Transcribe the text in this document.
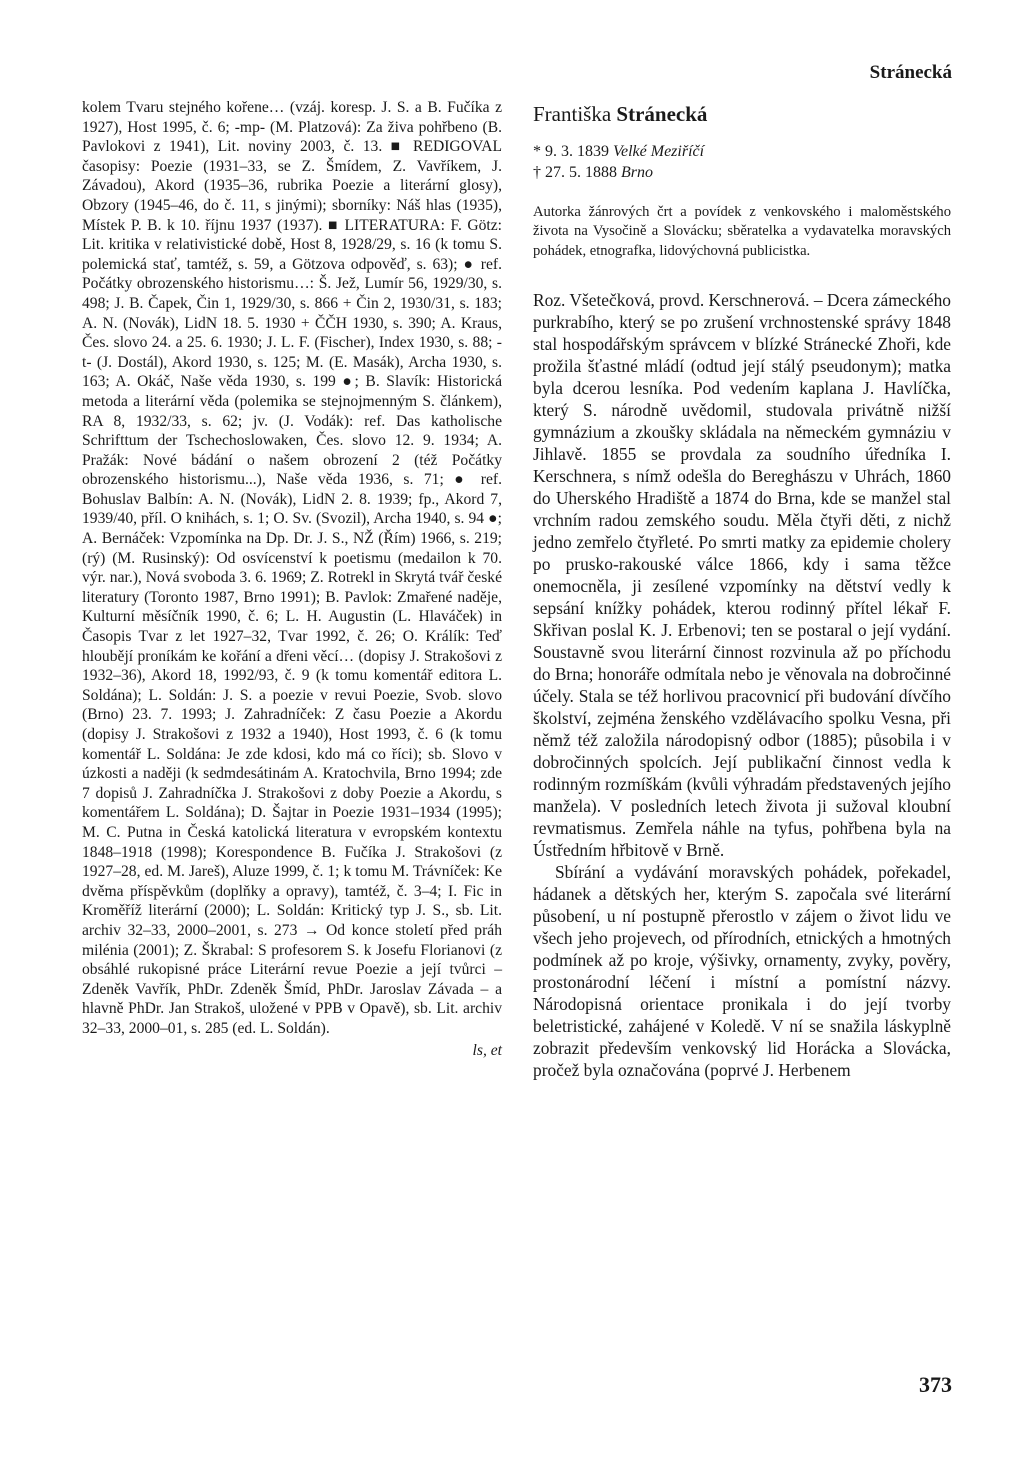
Stránecká

kolem Tvaru stejného kořene… (vzáj. koresp. J. S. a B. Fučíka z 1927), Host 1995, č. 6; -mp- (M. Platzová): Za živa pohřbeno (B. Pavlokovi z 1941), Lit. noviny 2003, č. 13. ■ REDIGOVAL časopisy: Poezie (1931–33, se Z. Šmídem, Z. Vavříkem, J. Závadou), Akord (1935–36, rubrika Poezie a literární glosy), Obzory (1945–46, do č. 11, s jinými); sborníky: Náš hlas (1935), Místek P. B. k 10. říjnu 1937 (1937). ■ LITERATURA: F. Götz: Lit. kritika v relativistické době, Host 8, 1928/29, s. 16 (k tomu S. polemická stať, tamtéž, s. 59, a Götzova odpověď, s. 63); ● ref. Počátky obrozenského historismu…: Š. Jež, Lumír 56, 1929/30, s. 498; J. B. Čapek, Čin 1, 1929/30, s. 866 + Čin 2, 1930/31, s. 183; A. N. (Novák), LidN 18. 5. 1930 + ČČH 1930, s. 390; A. Kraus, Čes. slovo 24. a 25. 6. 1930; J. L. F. (Fischer), Index 1930, s. 88; -t- (J. Dostál), Akord 1930, s. 125; M. (E. Masák), Archa 1930, s. 163; A. Okáč, Naše věda 1930, s. 199 ●; B. Slavík: Historická metoda a literární věda (polemika se stejnojmenným S. článkem), RA 8, 1932/33, s. 62; jv. (J. Vodák): ref. Das katholische Schrifttum der Tschechoslowaken, Čes. slovo 12. 9. 1934; A. Pražák: Nové bádání o našem obrození 2 (též Počátky obrozenského historismu...), Naše věda 1936, s. 71; ● ref. Bohuslav Balbín: A. N. (Novák), LidN 2. 8. 1939; fp., Akord 7, 1939/40, příl. O knihách, s. 1; O. Sv. (Svozil), Archa 1940, s. 94 ●; A. Bernáček: Vzpomínka na Dp. Dr. J. S., NŽ (Řím) 1966, s. 219; (rý) (M. Rusinský): Od osvícenství k poetismu (medailon k 70. výr. nar.), Nová svoboda 3. 6. 1969; Z. Rotrekl in Skrytá tvář české literatury (Toronto 1987, Brno 1991); B. Pavlok: Zmařené naděje, Kulturní měsíčník 1990, č. 6; L. H. Augustin (L. Hlaváček) in Časopis Tvar z let 1927–32, Tvar 1992, č. 26; O. Králík: Teď hloubějí proníkám ke kořání a dřeni věcí… (dopisy J. Strakošovi z 1932–36), Akord 18, 1992/93, č. 9 (k tomu komentář editora L. Soldána); L. Soldán: J. S. a poezie v revui Poezie, Svob. slovo (Brno) 23. 7. 1993; J. Zahradníček: Z času Poezie a Akordu (dopisy J. Strakošovi z 1932 a 1940), Host 1993, č. 6 (k tomu komentář L. Soldána: Je zde kdosi, kdo má co říci); sb. Slovo v úzkosti a naději (k sedmdesátinám A. Kratochvila, Brno 1994; zde 7 dopisů J. Zahradníčka J. Strakošovi z doby Poezie a Akordu, s komentářem L. Soldána); D. Šajtar in Poezie 1931–1934 (1995); M. C. Putna in Česká katolická literatura v evropském kontextu 1848–1918 (1998); Korespondence B. Fučíka J. Strakošovi (z 1927–28, ed. M. Jareš), Aluze 1999, č. 1; k tomu M. Trávníček: Ke dvěma příspěvkům (doplňky a opravy), tamtéž, č. 3–4; I. Fic in Kroměříž literární (2000); L. Soldán: Kritický typ J. S., sb. Lit. archiv 32–33, 2000–2001, s. 273 → Od konce století před práh milénia (2001); Z. Škrabal: S profesorem S. k Josefu Florianovi (z obsáhlé rukopisné práce Literární revue Poezie a její tvůrci – Zdeněk Vavřík, PhDr. Zdeněk Šmíd, PhDr. Jaroslav Závada – a hlavně PhDr. Jan Strakoš, uložené v PPB v Opavě), sb. Lit. archiv 32–33, 2000–01, s. 285 (ed. L. Soldán).

ls, et
Františka Stránecká
* 9. 3. 1839 Velké Meziříčí
† 27. 5. 1888 Brno

Autorka žánrových črt a povídek z venkovského i maloměstského života na Vysočině a Slovácku; sběratelka a vydavatelka moravských pohádek, etnografka, lidovýchovná publicistka.

Roz. Všetečková, provd. Kerschnerová. – Dcera zámeckého purkrabího, který se po zrušení vrchnostenské správy 1848 stal hospodářským správcem v blízké Stránecké Zhoři, kde prožila šťastné mládí (odtud její stálý pseudonym); matka byla dcerou lesníka. Pod vedením kaplana J. Havlíčka, který S. národně uvědomil, studovala privátně nižší gymnázium a zkoušky skládala na německém gymnáziu v Jihlavě. 1855 se provdala za soudního úředníka I. Kerschnera, s nímž odešla do Bereghászu v Uhrách, 1860 do Uherského Hradiště a 1874 do Brna, kde se manžel stal vrchním radou zemského soudu. Měla čtyři děti, z nichž jedno zemřelo čtyřleté. Po smrti matky za epidemie cholery po prusko-rakouské válce 1866, kdy i sama těžce onemocněla, ji zesílené vzpomínky na dětství vedly k sepsání knížky pohádek, kterou rodinný přítel lékař F. Skřivan poslal K. J. Erbenovi; ten se postaral o její vydání. Soustavně svou literární činnost rozvinula až po příchodu do Brna; honoráře odmítala nebo je věnovala na dobročinné účely. Stala se též horlivou pracovnicí při budování dívčího školství, zejména ženského vzdělávacího spolku Vesna, při němž též založila národopisný odbor (1885); působila i v dobročinných spolcích. Její publikační činnost vedla k rodinným rozmíškám (kvůli výhradám představených jejího manžela). V posledních letech života ji sužoval kloubní revmatismus. Zemřela náhle na tyfus, pohřbena byla na Ústředním hřbitově v Brně.

Sbírání a vydávání moravských pohádek, pořekadel, hádanek a dětských her, kterým S. započala své literární působení, u ní postupně přerostlo v zájem o život lidu ve všech jeho projevech, od přírodních, etnických a hmotných podmínek až po kroje, výšivky, ornamenty, zvyky, pověry, prostonárodní léčení i místní a pomístní názvy. Národopisná orientace pronikala i do její tvorby beletristické, zahájené v Koledě. V ní se snažila láskyplně zobrazit především venkovský lid Horácka a Slovácka, pročež byla označována (poprvé J. Herbenem

373
